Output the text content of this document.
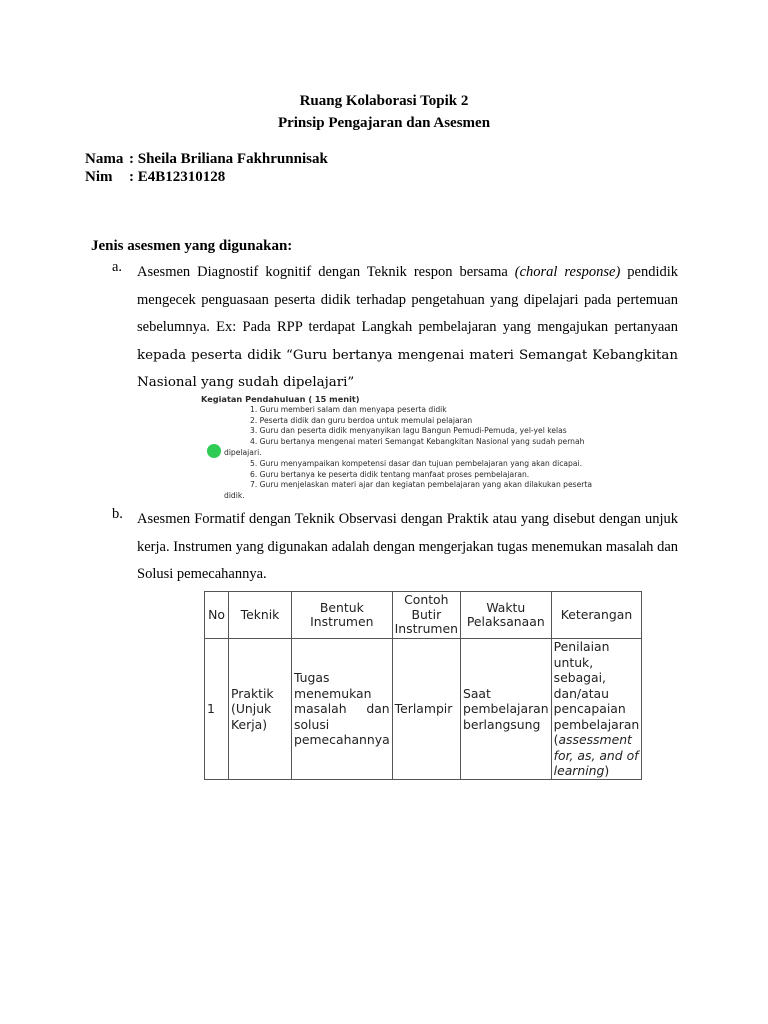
Ruang Kolaborasi Topik 2
Prinsip Pengajaran dan Asesmen
Nama : Sheila Briliana Fakhrunnisak
Nim : E4B12310128
Jenis asesmen yang digunakan:
a. Asesmen Diagnostif kognitif dengan Teknik respon bersama (choral response) pendidik mengecek penguasaan peserta didik terhadap pengetahuan yang dipelajari pada pertemuan sebelumnya. Ex: Pada RPP terdapat Langkah pembelajaran yang mengajukan pertanyaan kepada peserta didik “Guru bertanya mengenai materi Semangat Kebangkitan Nasional yang sudah dipelajari”
Kegiatan Pendahuluan ( 15 menit)
1. Guru memberi salam dan menyapa peserta didik
2. Peserta didik dan guru berdoa untuk memulai pelajaran
3. Guru dan peserta didik menyanyikan lagu Bangun Pemudi-Pemuda, yel-yel kelas
4. Guru bertanya mengenai materi Semangat Kebangkitan Nasional yang sudah pernah
dipelajari.
5. Guru menyampaikan kompetensi dasar dan tujuan pembelajaran yang akan dicapai.
6. Guru bertanya ke peserta didik tentang manfaat proses pembelajaran.
7. Guru menjelaskan materi ajar dan kegiatan pembelajaran yang akan dilakukan peserta
didik.
b. Asesmen Formatif dengan Teknik Observasi dengan Praktik atau yang disebut dengan unjuk kerja. Instrumen yang digunakan adalah dengan mengerjakan tugas menemukan masalah dan Solusi pemecahannya.
No	Teknik	Bentuk Instrumen	Contoh Butir Instrumen	Waktu Pelaksanaan	Keterangan
1	Praktik (Unjuk Kerja)	Tugas menemukan masalah dan solusi pemecahannya	Terlampir	Saat pembelajaran berlangsung	Penilaian untuk, sebagai, dan/atau pencapaian pembelajaran (assessment for, as, and of learning)
